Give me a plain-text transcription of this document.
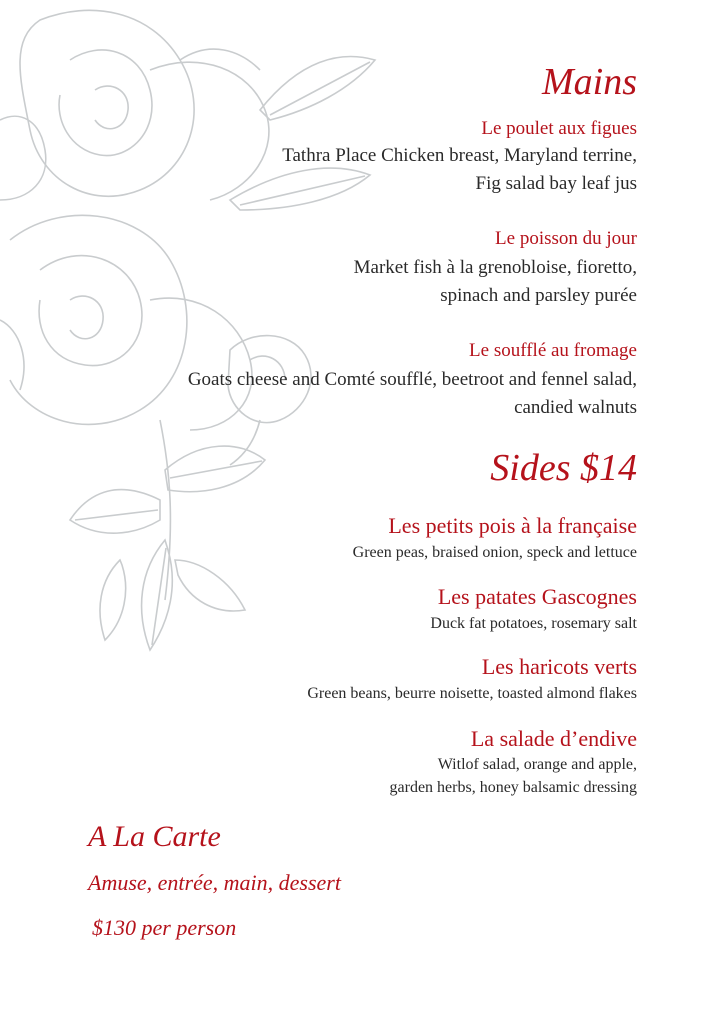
Mains
Le poulet aux figues
Tathra Place Chicken breast, Maryland terrine,
Fig salad bay leaf jus
Le poisson du jour
Market fish à la grenobloise, fioretto,
spinach and parsley purée
Le soufflé au fromage
Goats cheese and Comté soufflé, beetroot and fennel salad,
candied walnuts
Sides $14
Les petits pois à la française
Green peas, braised onion, speck and lettuce
Les patates Gascognes
Duck fat potatoes, rosemary salt
Les haricots verts
Green beans, beurre noisette, toasted almond flakes
La salade d’endive
Witlof salad, orange and apple,
garden herbs, honey balsamic dressing
A La Carte
Amuse, entrée, main, dessert
$130 per person
